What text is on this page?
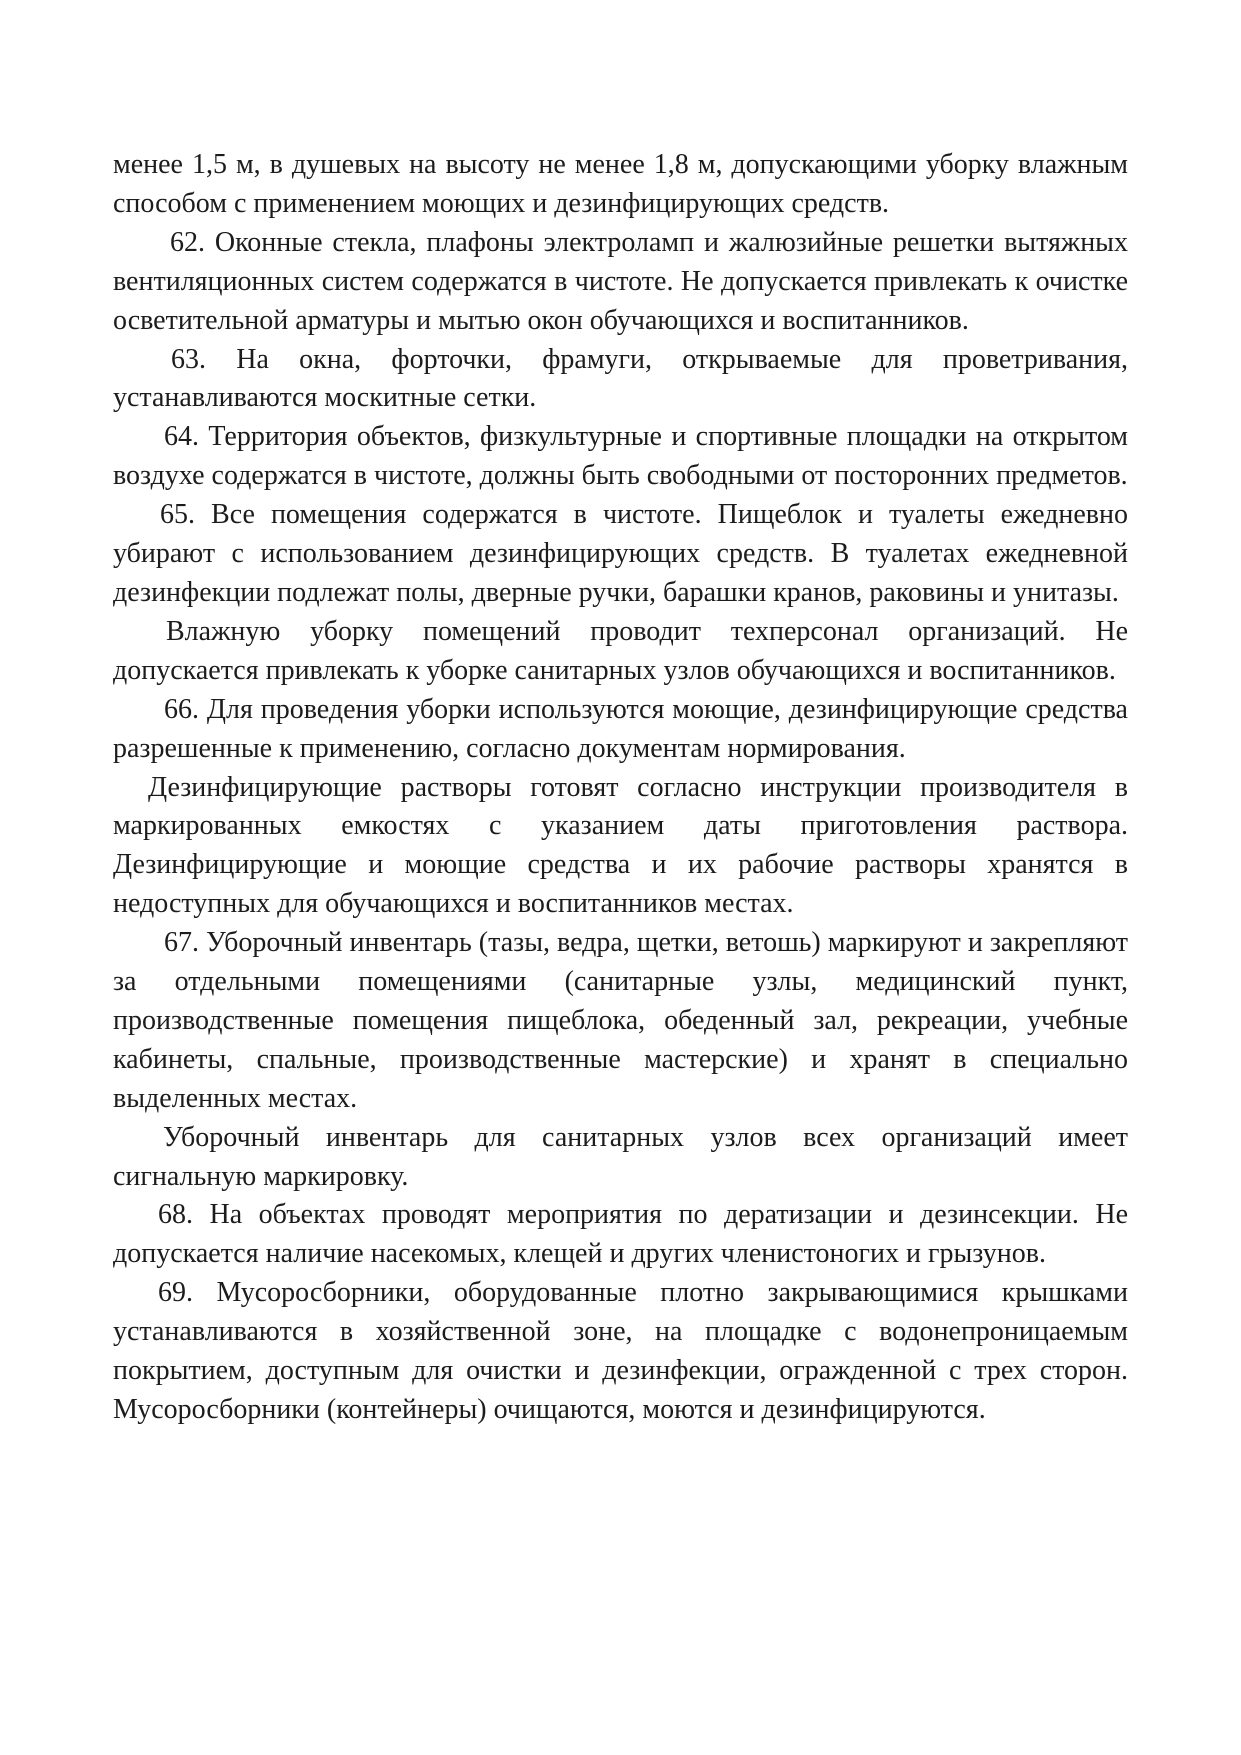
менее 1,5 м, в душевых на высоту не менее 1,8 м, допускающими уборку влажным способом с применением моющих и дезинфицирующих средств.

62. Оконные стекла, плафоны электроламп и жалюзийные решетки вытяжных вентиляционных систем содержатся в чистоте. Не допускается привлекать к очистке осветительной арматуры и мытью окон обучающихся и воспитанников.

63. На окна, форточки, фрамуги, открываемые для проветривания, устанавливаются москитные сетки.

64. Территория объектов, физкультурные и спортивные площадки на открытом воздухе содержатся в чистоте, должны быть свободными от посторонних предметов.

65. Все помещения содержатся в чистоте. Пищеблок и туалеты ежедневно убирают с использованием дезинфицирующих средств. В туалетах ежедневной дезинфекции подлежат полы, дверные ручки, барашки кранов, раковины и унитазы.

Влажную уборку помещений проводит техперсонал организаций. Не допускается привлекать к уборке санитарных узлов обучающихся и воспитанников.

66. Для проведения уборки используются моющие, дезинфицирующие средства разрешенные к применению, согласно документам нормирования.

Дезинфицирующие растворы готовят согласно инструкции производителя в маркированных емкостях с указанием даты приготовления раствора. Дезинфицирующие и моющие средства и их рабочие растворы хранятся в недоступных для обучающихся и воспитанников местах.

67. Уборочный инвентарь (тазы, ведра, щетки, ветошь) маркируют и закрепляют за отдельными помещениями (санитарные узлы, медицинский пункт, производственные помещения пищеблока, обеденный зал, рекреации, учебные кабинеты, спальные, производственные мастерские) и хранят в специально выделенных местах.

Уборочный инвентарь для санитарных узлов всех организаций имеет сигнальную маркировку.

68. На объектах проводят мероприятия по дератизации и дезинсекции. Не допускается наличие насекомых, клещей и других членистоногих и грызунов.

69. Мусоросборники, оборудованные плотно закрывающимися крышками устанавливаются в хозяйственной зоне, на площадке с водонепроницаемым покрытием, доступным для очистки и дезинфекции, огражденной с трех сторон. Мусоросборники (контейнеры) очищаются, моются и дезинфицируются.
